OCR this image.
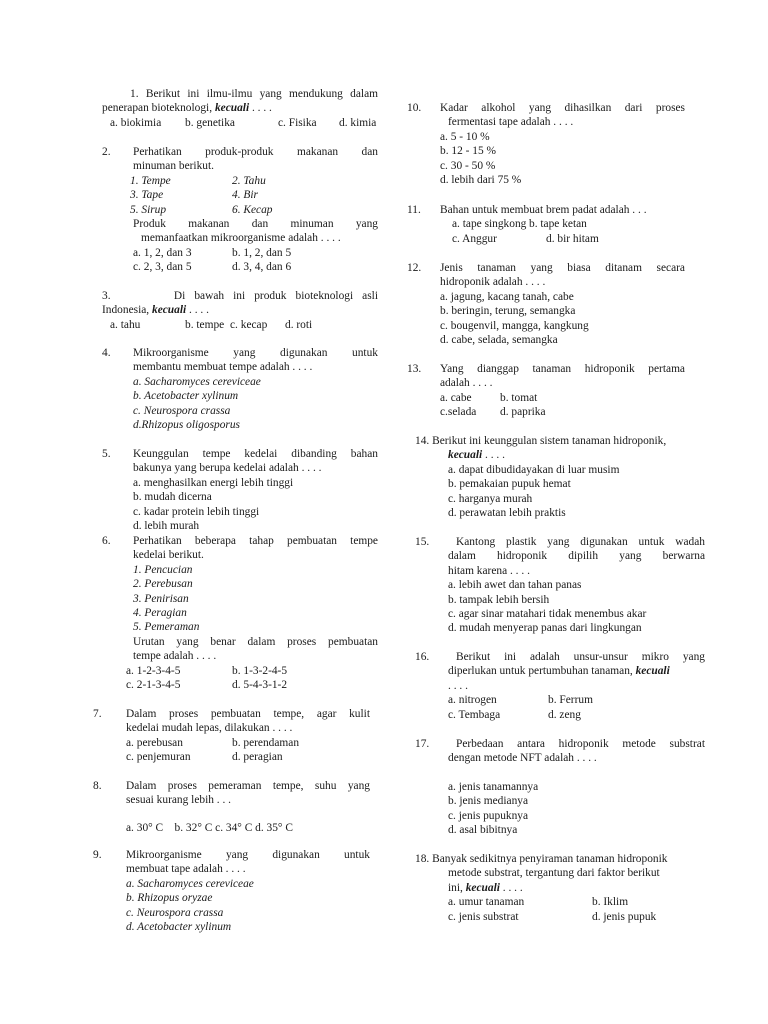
1. Berikut ini ilmu-ilmu yang mendukung dalam
penerapan bioteknologi, kecuali . . . .
a. biokimia b. genetika	c. Fisika d. kimia
2. Perhatikan produk-produk makanan dan
minuman berikut.
1. Tempe	2. Tahu
3. Tape	4. Bir
5. Sirup	6. Kecap
Produk makanan dan minuman yang
memanfaatkan mikroorganisme adalah . . . .
a. 1, 2, dan 3	b. 1, 2, dan 5
c. 2, 3, dan 5	d. 3, 4, dan 6
3.	Di bawah ini produk bioteknologi asli
Indonesia, kecuali . . . .
a. tahu	b. tempe c. kecap d. roti
4. Mikroorganisme yang digunakan untuk
membantu membuat tempe adalah . . . .
a. Sacharomyces cereviceae
b. Acetobacter xylinum
c. Neurospora crassa
d.Rhizopus oligosporus
5. Keunggulan tempe kedelai dibanding bahan
bakunya yang berupa kedelai adalah . . . .
a. menghasilkan energi lebih tinggi
b. mudah dicerna
c. kadar protein lebih tinggi
d. lebih murah
6. Perhatikan beberapa tahap pembuatan tempe
kedelai berikut.
1. Pencucian
2. Perebusan
3. Penirisan
4. Peragian
5. Pemeraman
Urutan yang benar dalam proses pembuatan
tempe adalah . . . .
a. 1-2-3-4-5	b. 1-3-2-4-5
c. 2-1-3-4-5	d. 5-4-3-1-2
7. Dalam proses pembuatan tempe, agar kulit
kedelai mudah lepas, dilakukan . . . .
a. perebusan	b. perendaman
c. penjemuran	d. peragian
8. Dalam proses pemeraman tempe, suhu yang
sesuai kurang lebih . . .
a. 30° C    b. 32° C c. 34° C d. 35° C
9. Mikroorganisme yang digunakan untuk
membuat tape adalah . . . .
a. Sacharomyces cereviceae
b. Rhizopus oryzae
c. Neurospora crassa
d. Acetobacter xylinum
10. Kadar alkohol yang dihasilkan dari proses
fermentasi tape adalah . . . .
a. 5 - 10 %
b. 12 - 15 %
c. 30 - 50 %
d. lebih dari 75 %
11. Bahan untuk membuat brem padat adalah . . .
a. tape singkong b. tape ketan
c. Anggur	d. bir hitam
12. Jenis tanaman yang biasa ditanam secara
hidroponik adalah . . . .
a. jagung, kacang tanah, cabe
b. beringin, terung, semangka
c. bougenvil, mangga, kangkung
d. cabe, selada, semangka
13. Yang dianggap tanaman hidroponik pertama
adalah . . . .
a. cabe b. tomat
c.selada d. paprika
14. Berikut ini keunggulan sistem tanaman hidroponik,
kecuali . . . .
a. dapat dibudidayakan di luar musim
b. pemakaian pupuk hemat
c. harganya murah
d. perawatan lebih praktis
15.	Kantong plastik yang digunakan untuk wadah
dalam hidroponik dipilih yang berwarna
hitam karena . . . .
a. lebih awet dan tahan panas
b. tampak lebih bersih
c. agar sinar matahari tidak menembus akar
d. mudah menyerap panas dari lingkungan
16.	Berikut ini adalah unsur-unsur mikro yang
diperlukan untuk pertumbuhan tanaman, kecuali
. . . .
a. nitrogen	b. Ferrum
c. Tembaga	d. zeng
17.	Perbedaan antara hidroponik metode substrat
dengan metode NFT adalah . . . .
a. jenis tanamannya
b. jenis medianya
c. jenis pupuknya
d. asal bibitnya
18. Banyak sedikitnya penyiraman tanaman hidroponik
metode substrat, tergantung dari faktor berikut
ini, kecuali . . . .
a. umur tanaman	b. Iklim
c. jenis substrat	d. jenis pupuk
